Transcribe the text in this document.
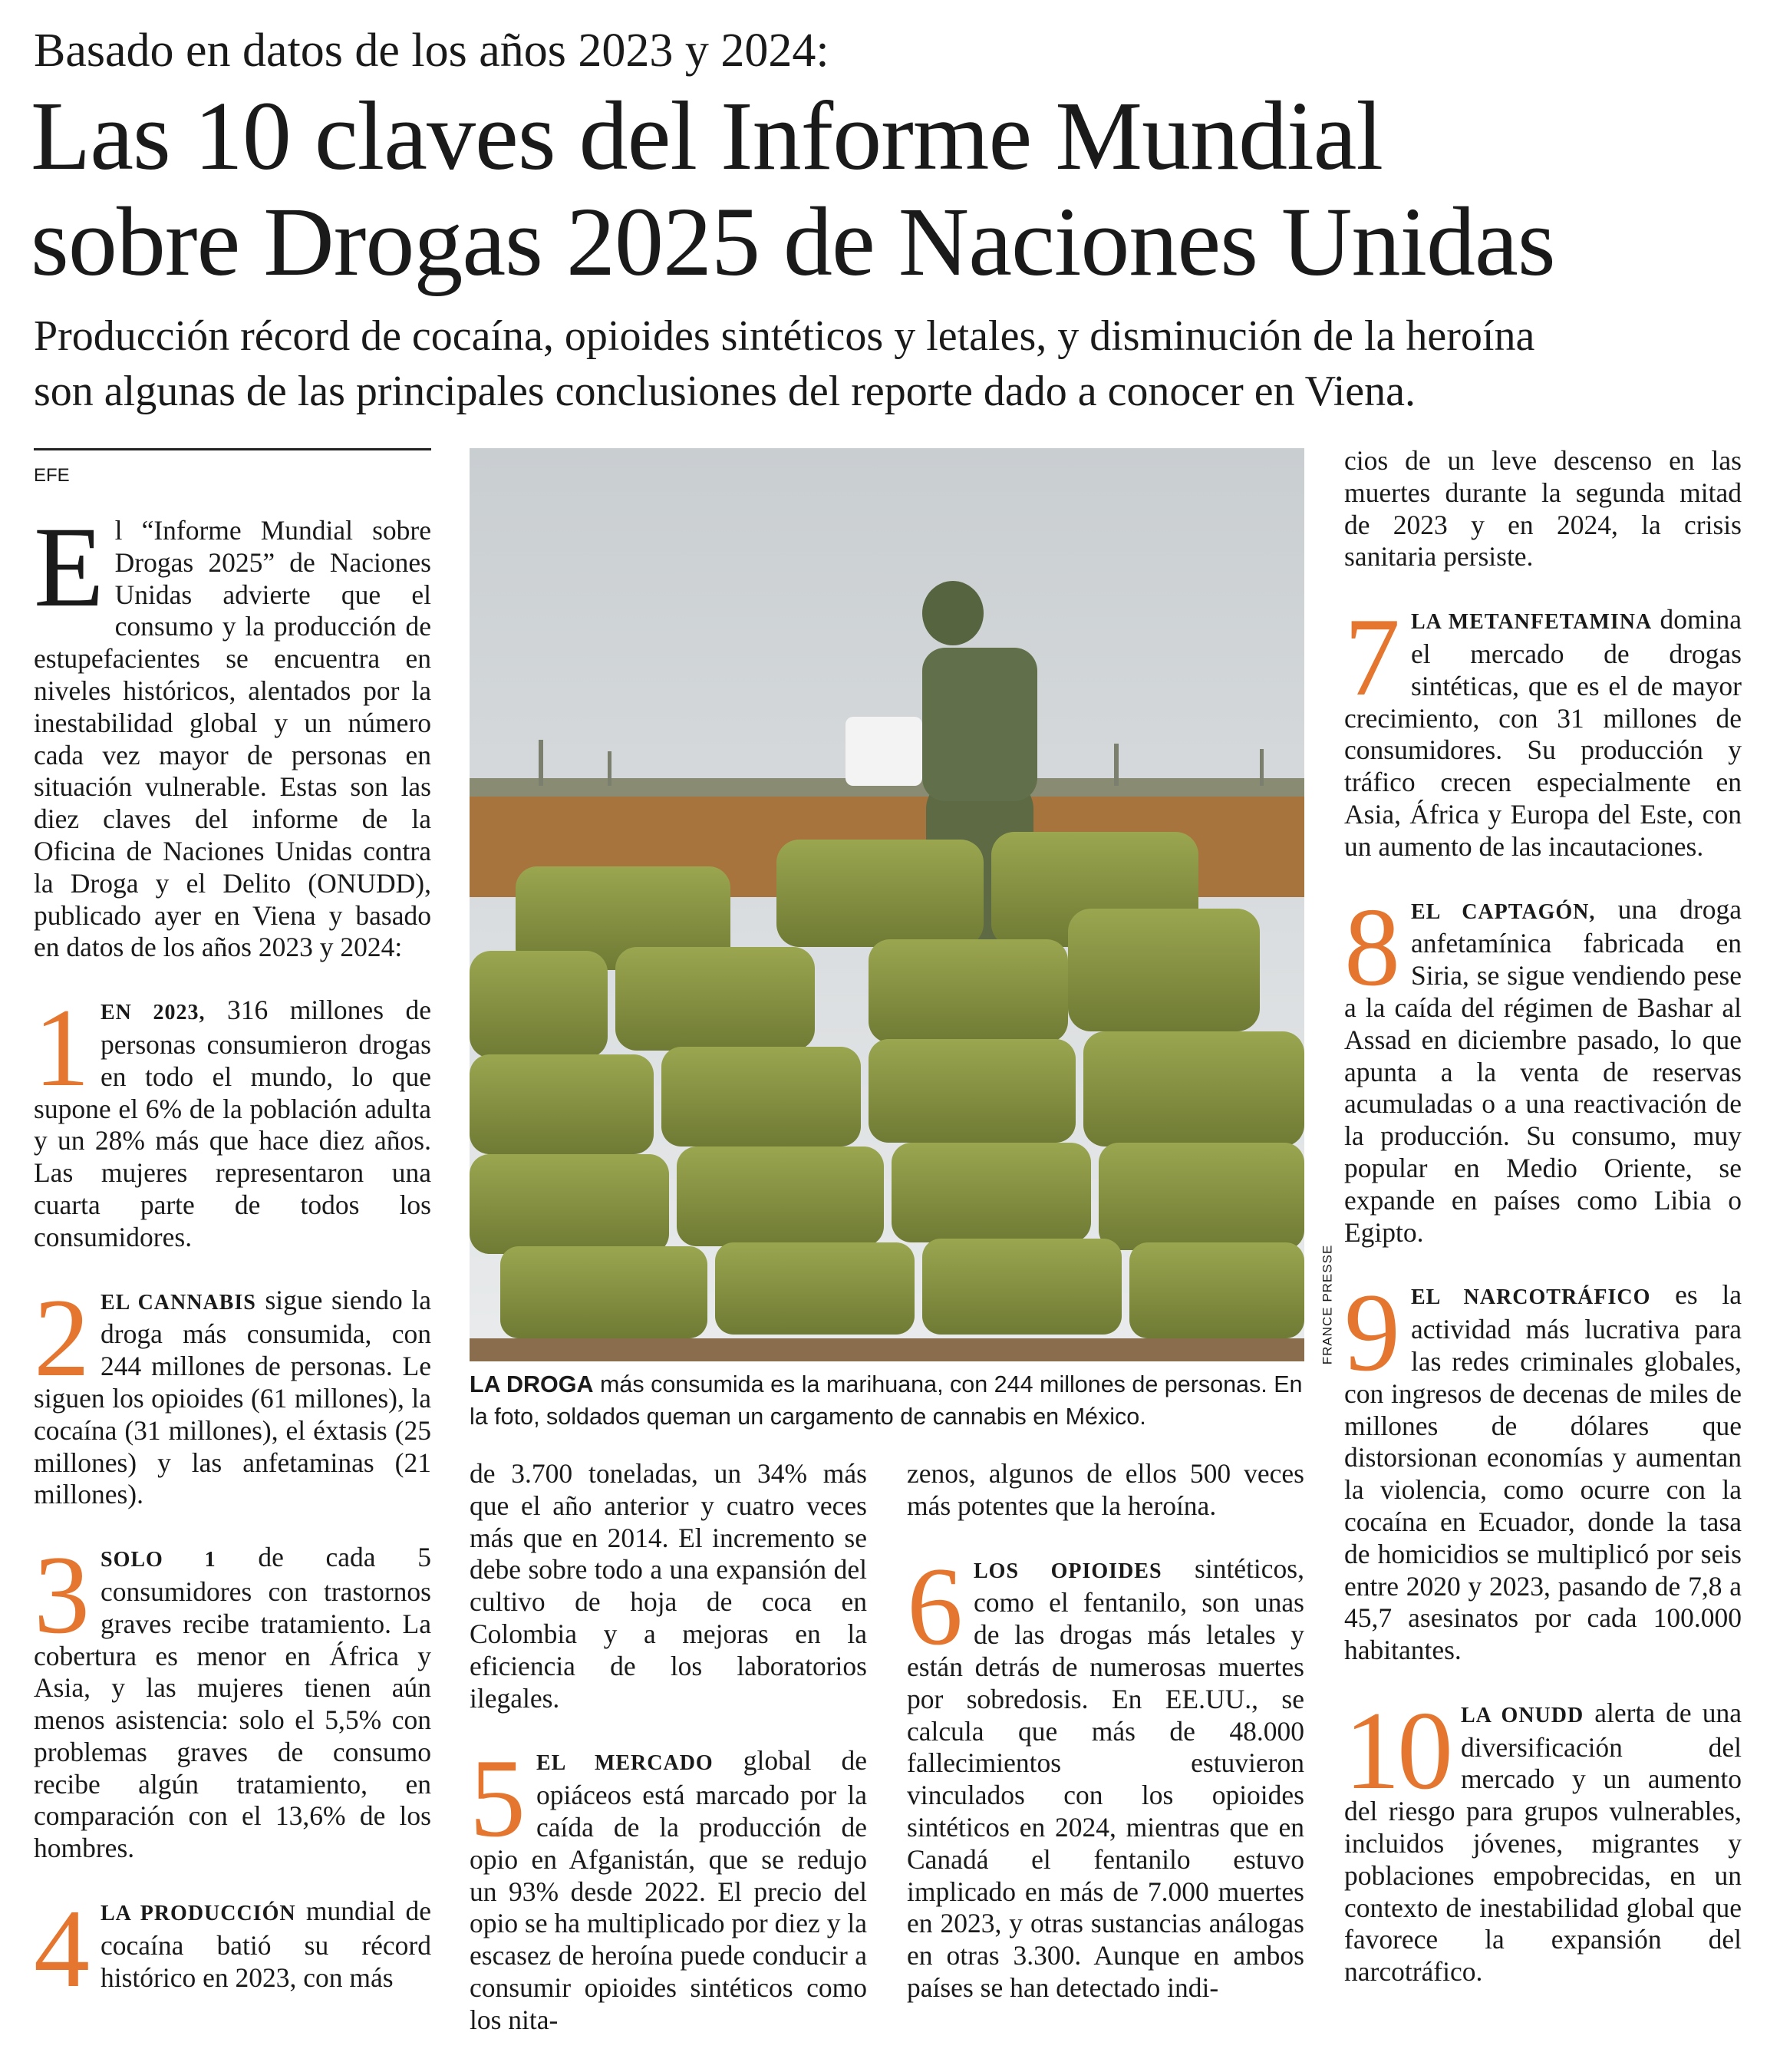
Basado en datos de los años 2023 y 2024:
Las 10 claves del Informe Mundial
sobre Drogas 2025 de Naciones Unidas
Producción récord de cocaína, opioides sintéticos y letales, y disminución de la heroína
son algunas de las principales conclusiones del reporte dado a conocer en Viena.
EFE

El “Informe Mundial sobre Drogas 2025” de Naciones Unidas advierte que el consumo y la producción de estupefacientes se encuentra en niveles históricos, alentados por la inestabilidad global y un número cada vez mayor de personas en situación vulnerable. Estas son las diez claves del informe de la Oficina de Naciones Unidas contra la Droga y el Delito (ONUDD), publicado ayer en Viena y basado en datos de los años 2023 y 2024:

1 EN 2023, 316 millones de personas consumieron drogas en todo el mundo, lo que supone el 6% de la población adulta y un 28% más que hace diez años. Las mujeres representaron una cuarta parte de todos los consumidores.

2 EL CANNABIS sigue siendo la droga más consumida, con 244 millones de personas. Le siguen los opioides (61 millones), la cocaína (31 millones), el éxtasis (25 millones) y las anfetaminas (21 millones).

3 SOLO 1 de cada 5 consumidores con trastornos graves recibe tratamiento. La cobertura es menor en África y Asia, y las mujeres tienen aún menos asistencia: solo el 5,5% con problemas graves de consumo recibe algún tratamiento, en comparación con el 13,6% de los hombres.

4 LA PRODUCCIÓN mundial de cocaína batió su récord histórico en 2023, con más

FRANCE PRESSE
LA DROGA más consumida es la marihuana, con 244 millones de personas. En la foto, soldados queman un cargamento de cannabis en México.

de 3.700 toneladas, un 34% más que el año anterior y cuatro veces más que en 2014. El incremento se debe sobre todo a una expansión del cultivo de hoja de coca en Colombia y a mejoras en la eficiencia de los laboratorios ilegales.

5 EL MERCADO global de opiáceos está marcado por la caída de la producción de opio en Afganistán, que se redujo un 93% desde 2022. El precio del opio se ha multiplicado por diez y la escasez de heroína puede conducir a consumir opioides sintéticos como los nita-

zenos, algunos de ellos 500 veces más potentes que la heroína.

6 LOS OPIOIDES sintéticos, como el fentanilo, son unas de las drogas más letales y están detrás de numerosas muertes por sobredosis. En EE.UU., se calcula que más de 48.000 fallecimientos estuvieron vinculados con los opioides sintéticos en 2024, mientras que en Canadá el fentanilo estuvo implicado en más de 7.000 muertes en 2023, y otras sustancias análogas en otras 3.300. Aunque en ambos países se han detectado indi-

cios de un leve descenso en las muertes durante la segunda mitad de 2023 y en 2024, la crisis sanitaria persiste.

7 LA METANFETAMINA domina el mercado de drogas sintéticas, que es el de mayor crecimiento, con 31 millones de consumidores. Su producción y tráfico crecen especialmente en Asia, África y Europa del Este, con un aumento de las incautaciones.

8 EL CAPTAGÓN, una droga anfetamínica fabricada en Siria, se sigue vendiendo pese a la caída del régimen de Bashar al Assad en diciembre pasado, lo que apunta a la venta de reservas acumuladas o a una reactivación de la producción. Su consumo, muy popular en Medio Oriente, se expande en países como Libia o Egipto.

9 EL NARCOTRÁFICO es la actividad más lucrativa para las redes criminales globales, con ingresos de decenas de miles de millones de dólares que distorsionan economías y aumentan la violencia, como ocurre con la cocaína en Ecuador, donde la tasa de homicidios se multiplicó por seis entre 2020 y 2023, pasando de 7,8 a 45,7 asesinatos por cada 100.000 habitantes.

10 LA ONUDD alerta de una diversificación del mercado y un aumento del riesgo para grupos vulnerables, incluidos jóvenes, migrantes y poblaciones empobrecidas, en un contexto de inestabilidad global que favorece la expansión del narcotráfico.
